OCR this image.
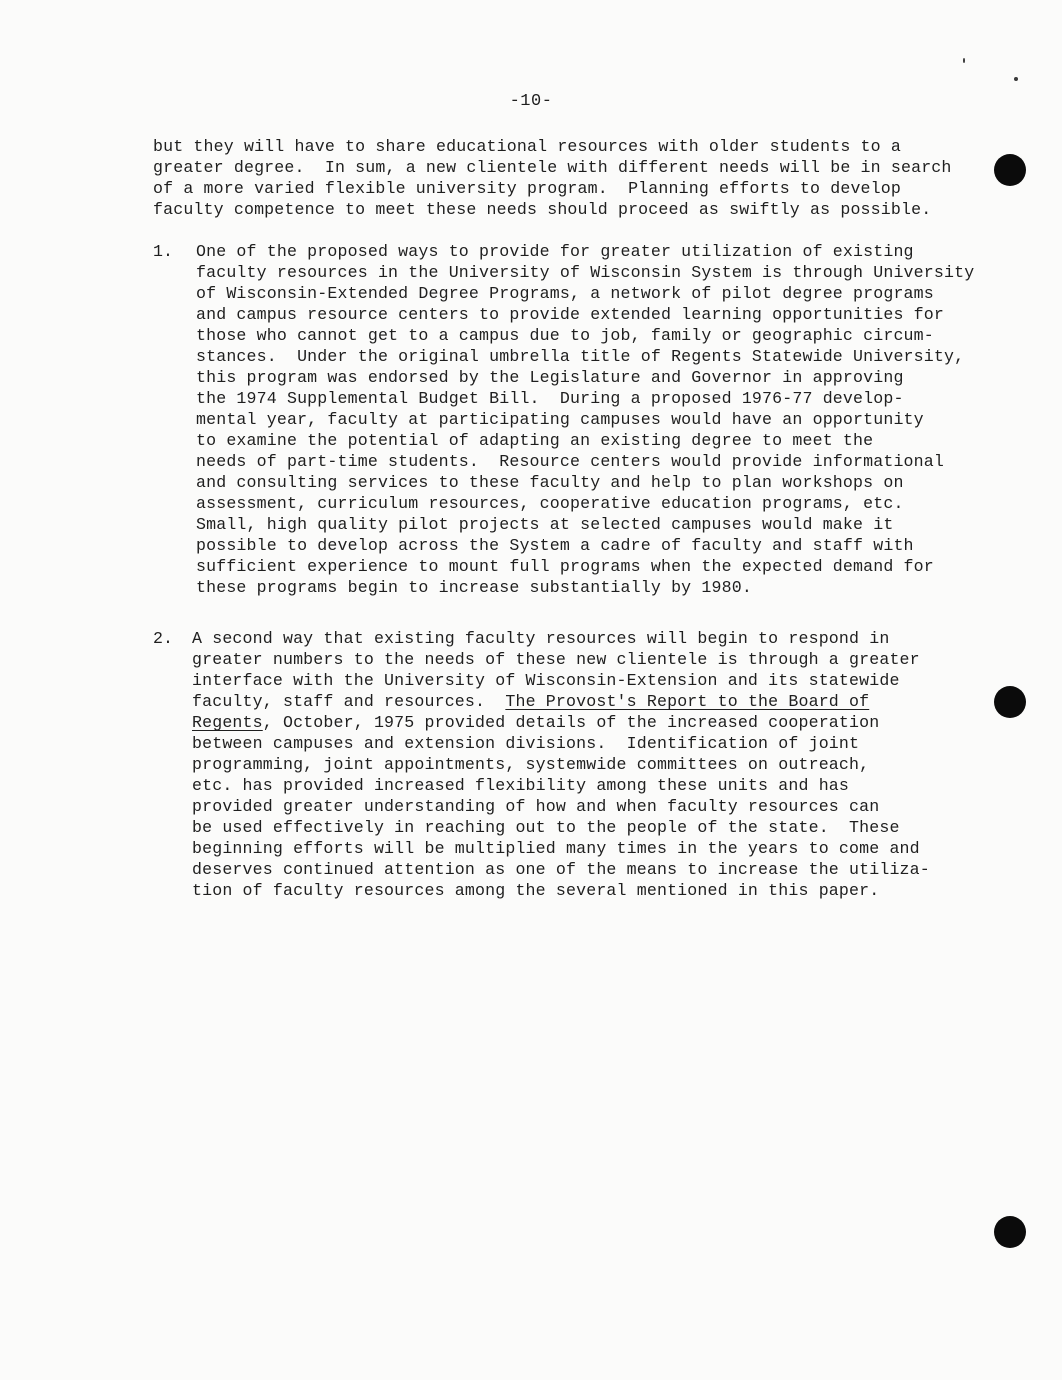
-10-
but they will have to share educational resources with older students to a
greater degree.  In sum, a new clientele with different needs will be in search
of a more varied flexible university program.  Planning efforts to develop
faculty competence to meet these needs should proceed as swiftly as possible.
1. One of the proposed ways to provide for greater utilization of existing
faculty resources in the University of Wisconsin System is through University
of Wisconsin-Extended Degree Programs, a network of pilot degree programs
and campus resource centers to provide extended learning opportunities for
those who cannot get to a campus due to job, family or geographic circum-
stances.  Under the original umbrella title of Regents Statewide University,
this program was endorsed by the Legislature and Governor in approving
the 1974 Supplemental Budget Bill.  During a proposed 1976-77 develop-
mental year, faculty at participating campuses would have an opportunity
to examine the potential of adapting an existing degree to meet the
needs of part-time students.  Resource centers would provide informational
and consulting services to these faculty and help to plan workshops on
assessment, curriculum resources, cooperative education programs, etc.
Small, high quality pilot projects at selected campuses would make it
possible to develop across the System a cadre of faculty and staff with
sufficient experience to mount full programs when the expected demand for
these programs begin to increase substantially by 1980.
2. A second way that existing faculty resources will begin to respond in
greater numbers to the needs of these new clientele is through a greater
interface with the University of Wisconsin-Extension and its statewide
faculty, staff and resources.  The Provost's Report to the Board of
Regents, October, 1975 provided details of the increased cooperation
between campuses and extension divisions.  Identification of joint
programming, joint appointments, systemwide committees on outreach,
etc. has provided increased flexibility among these units and has
provided greater understanding of how and when faculty resources can
be used effectively in reaching out to the people of the state.  These
beginning efforts will be multiplied many times in the years to come and
deserves continued attention as one of the means to increase the utiliza-
tion of faculty resources among the several mentioned in this paper.
